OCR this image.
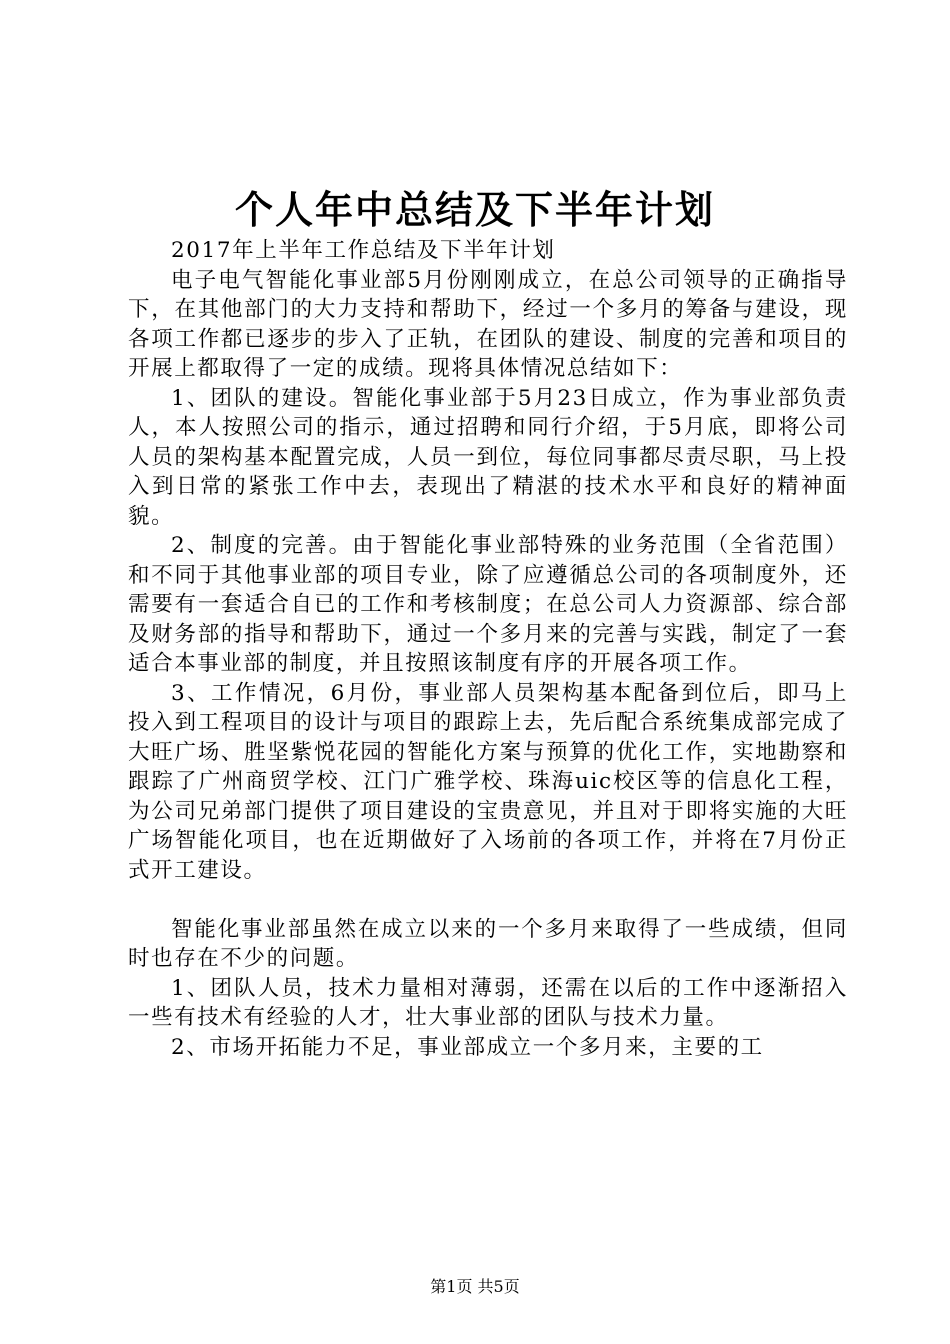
个人年中总结及下半年计划

2017年上半年工作总结及下半年计划

电子电气智能化事业部5月份刚刚成立，在总公司领导的正确指导下，在其他部门的大力支持和帮助下，经过一个多月的筹备与建设，现各项工作都已逐步的步入了正轨，在团队的建设、制度的完善和项目的开展上都取得了一定的成绩。现将具体情况总结如下：

1、团队的建设。智能化事业部于5月23日成立，作为事业部负责人，本人按照公司的指示，通过招聘和同行介绍，于5月底，即将公司人员的架构基本配置完成，人员一到位，每位同事都尽责尽职，马上投入到日常的紧张工作中去，表现出了精湛的技术水平和良好的精神面貌。

2、制度的完善。由于智能化事业部特殊的业务范围（全省范围）和不同于其他事业部的项目专业，除了应遵循总公司的各项制度外，还需要有一套适合自已的工作和考核制度；在总公司人力资源部、综合部及财务部的指导和帮助下，通过一个多月来的完善与实践，制定了一套适合本事业部的制度，并且按照该制度有序的开展各项工作。

3、工作情况，6月份，事业部人员架构基本配备到位后，即马上投入到工程项目的设计与项目的跟踪上去，先后配合系统集成部完成了大旺广场、胜坚紫悦花园的智能化方案与预算的优化工作，实地勘察和跟踪了广州商贸学校、江门广雅学校、珠海uic校区等的信息化工程，为公司兄弟部门提供了项目建设的宝贵意见，并且对于即将实施的大旺广场智能化项目，也在近期做好了入场前的各项工作，并将在7月份正式开工建设。

智能化事业部虽然在成立以来的一个多月来取得了一些成绩，但同时也存在不少的问题。

1、团队人员，技术力量相对薄弱，还需在以后的工作中逐渐招入一些有技术有经验的人才，壮大事业部的团队与技术力量。

2、市场开拓能力不足，事业部成立一个多月来，主要的工

第1页 共5页
